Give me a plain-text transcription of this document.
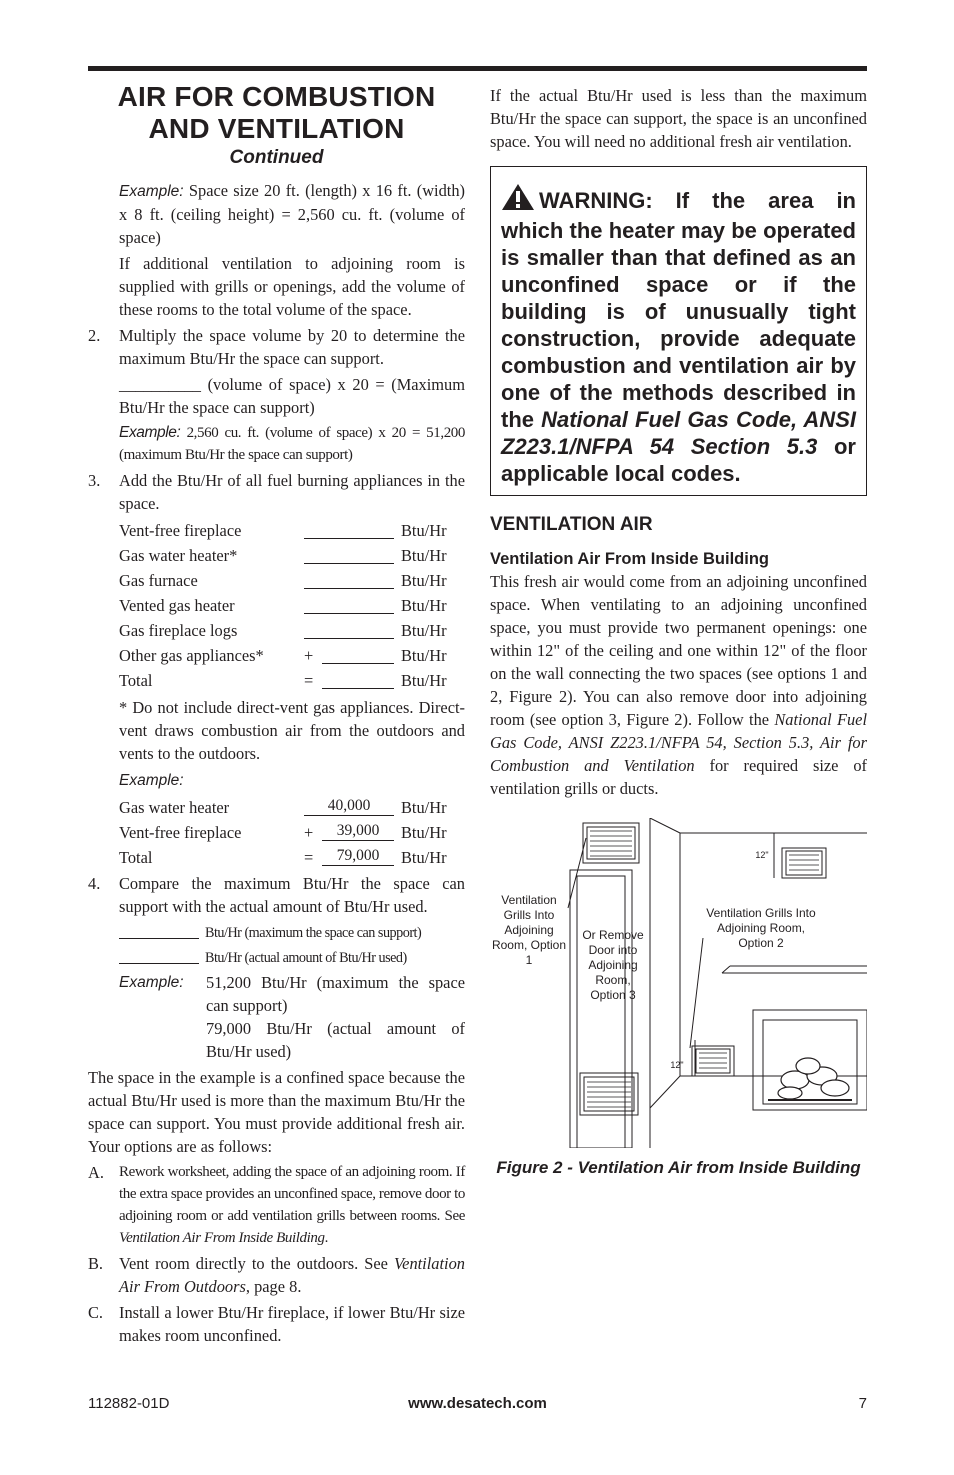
AIR FOR COMBUSTION
AND VENTILATION
Continued
Example: Space size 20 ft. (length) x 16 ft. (width) x 8 ft. (ceiling height) = 2,560 cu. ft. (volume of space)
If additional ventilation to adjoining room is supplied with grills or openings, add the volume of these rooms to the total volume of the space.
2.	Multiply the space volume by 20 to determine the maximum Btu/Hr the space can support.
__________ (volume of space) x 20 = (Maximum Btu/Hr the space can support)
Example: 2,560 cu. ft. (volume of space) x 20 = 51,200 (maximum Btu/Hr the space can support)
3.	Add the Btu/Hr of all fuel burning appliances in the space.
Vent-free fireplace	Btu/Hr
Gas water heater*	Btu/Hr
Gas furnace	Btu/Hr
Vented gas heater	Btu/Hr
Gas fireplace logs	Btu/Hr
Other gas appliances*	+	Btu/Hr
Total	=	Btu/Hr
* Do not include direct-vent gas appliances. Direct-vent draws combustion air from the outdoors and vents to the outdoors.
Example:
Gas water heater	40,000	Btu/Hr
Vent-free fireplace	+	39,000	Btu/Hr
Total	=	79,000	Btu/Hr
4.	Compare the maximum Btu/Hr the space can support with the actual amount of Btu/Hr used.
Btu/Hr (maximum the space can support)
Btu/Hr (actual amount of Btu/Hr used)
Example:	51,200 Btu/Hr (maximum the space can support)
79,000 Btu/Hr (actual amount of Btu/Hr used)
The space in the example is a confined space because the actual Btu/Hr used is more than the maximum Btu/Hr the space can support. You must provide additional fresh air. Your options are as follows:
A.	Rework worksheet, adding the space of an adjoining room. If the extra space provides an unconfined space, remove door to adjoining room or add ventilation grills between rooms. See Ventilation Air From Inside Building.
B. Vent room directly to the outdoors. See Ventilation Air From Outdoors, page 8.
C. Install a lower Btu/Hr fireplace, if lower Btu/Hr size makes room unconfined.
If the actual Btu/Hr used is less than the maximum Btu/Hr the space can support, the space is an unconfined space. You will need no additional fresh air ventilation.
WARNING: If the area in which the heater may be operated is smaller than that defined as an unconfined space or if the building is of unusually tight construction, provide adequate combustion and ventilation air by one of the methods described in the National Fuel Gas Code, ANSI Z223.1/NFPA 54 Section 5.3 or applicable local codes.
VENTILATION AIR
Ventilation Air From Inside Building
This fresh air would come from an adjoining unconfined space. When ventilating to an adjoining unconfined space, you must provide two permanent openings: one within 12" of the ceiling and one within 12" of the floor on the wall connecting the two spaces (see options 1 and 2, Figure 2). You can also remove door into adjoining room (see option 3, Figure 2). Follow the National Fuel Gas Code, ANSI Z223.1/NFPA 54, Section 5.3, Air for Combustion and Ventilation for required size of ventilation grills or ducts.
Ventilation Grills Into Adjoining Room, Option 1
Or Remove Door into Adjoining Room, Option 3
Ventilation Grills Into Adjoining Room, Option 2
12"
12"
Figure 2 - Ventilation Air from Inside Building
112882-01D	www.desatech.com	7
